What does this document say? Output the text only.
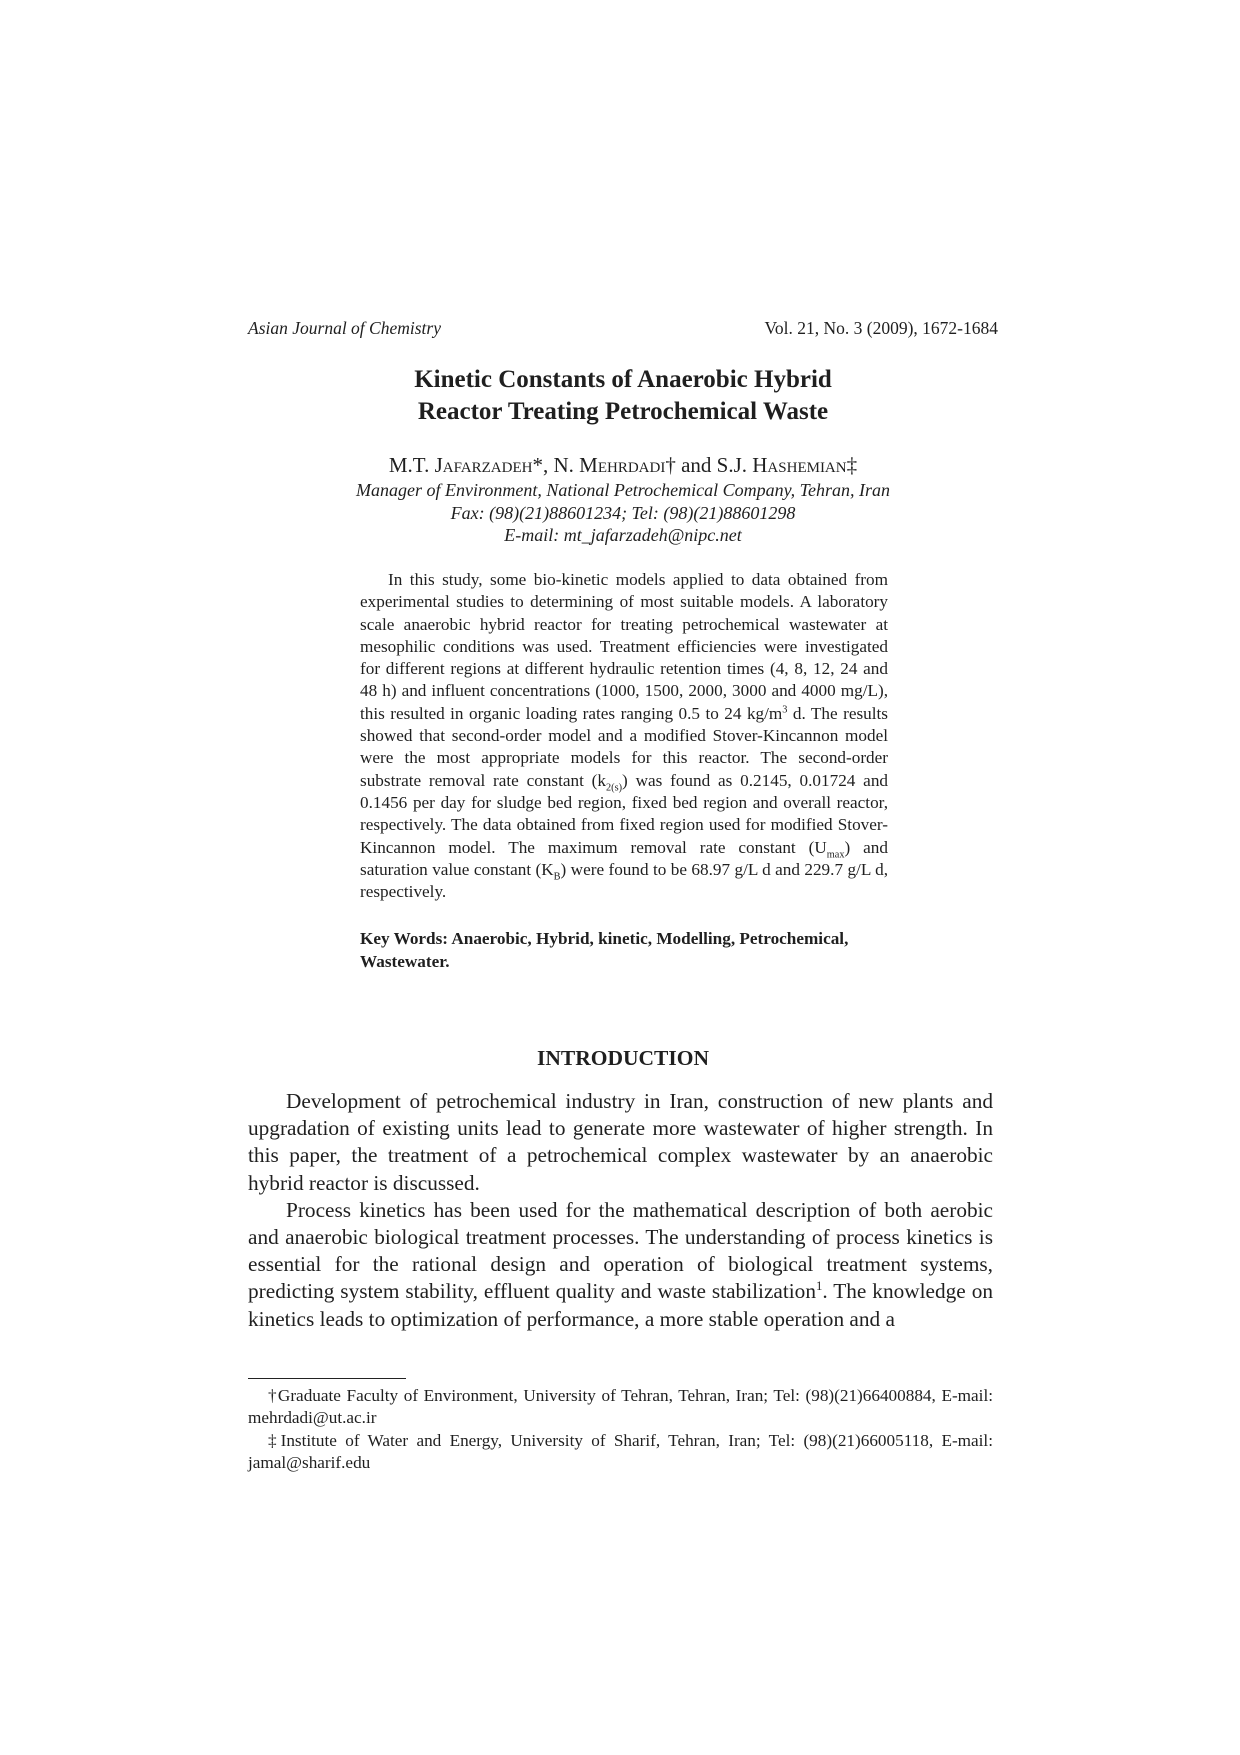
Asian Journal of Chemistry	Vol. 21, No. 3 (2009), 1672-1684
Kinetic Constants of Anaerobic Hybrid
Reactor Treating Petrochemical Waste
M.T. Jafarzadeh*, N. Mehrdadi† and S.J. Hashemian‡
Manager of Environment, National Petrochemical Company, Tehran, Iran
Fax: (98)(21)88601234; Tel: (98)(21)88601298
E-mail: mt_jafarzadeh@nipc.net

In this study, some bio-kinetic models applied to data obtained from experimental studies to determining of most suitable models. A laboratory scale anaerobic hybrid reactor for treating petrochemical wastewater at mesophilic conditions was used. Treatment efficiencies were investigated for different regions at different hydraulic retention times (4, 8, 12, 24 and 48 h) and influent concentrations (1000, 1500, 2000, 3000 and 4000 mg/L), this resulted in organic loading rates ranging 0.5 to 24 $kg/m^3$ d. The results showed that second-order model and a modified Stover-Kincannon model were the most appropriate models for this reactor. The second-order substrate removal rate constant $(k_{2(s)})$ was found as 0.2145, 0.01724 and 0.1456 per day for sludge bed region, fixed bed region and overall reactor, respectively. The data obtained from fixed region used for modified Stover-Kincannon model. The maximum removal rate constant $(U_{max})$ and saturation value constant $(K_B)$ were found to be 68.97 g/L d and 229.7 g/L d, respectively.

Key Words: Anaerobic, Hybrid, kinetic, Modelling, Petrochemical, Wastewater.

INTRODUCTION

Development of petrochemical industry in Iran, construction of new plants and upgradation of existing units lead to generate more wastewater of higher strength. In this paper, the treatment of a petrochemical complex wastewater by an anaerobic hybrid reactor is discussed.

Process kinetics has been used for the mathematical description of both aerobic and anaerobic biological treatment processes. The understanding of process kinetics is essential for the rational design and operation of biological treatment systems, predicting system stability, effluent quality and waste stabilization$^1$. The knowledge on kinetics leads to optimization of performance, a more stable operation and a

†Graduate Faculty of Environment, University of Tehran, Tehran, Iran; Tel: (98)(21)66400884, E-mail: mehrdadi@ut.ac.ir

‡Institute of Water and Energy, University of Sharif, Tehran, Iran; Tel: (98)(21)66005118, E-mail: jamal@sharif.edu
